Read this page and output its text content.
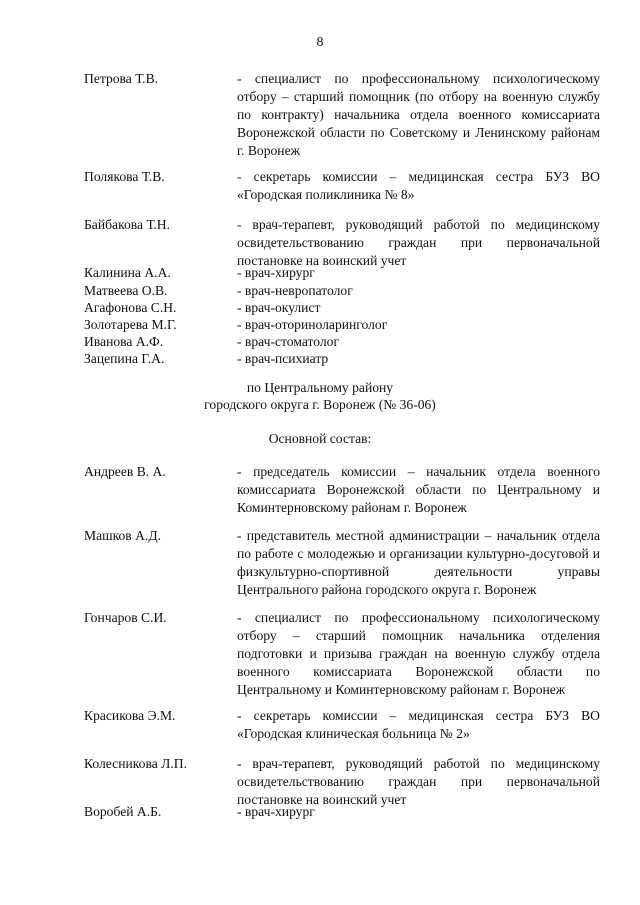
8
Петрова Т.В.	- специалист по профессиональному психологическому отбору – старший помощник (по отбору на военную службу по контракту) начальника отдела военного комиссариата Воронежской области по Советскому и Ленинскому районам г. Воронеж
Полякова Т.В.	- секретарь комиссии – медицинская сестра БУЗ ВО «Городская поликлиника № 8»
Байбакова Т.Н.	- врач-терапевт, руководящий работой по медицинскому освидетельствованию граждан при первоначальной постановке на воинский учет
Калинина А.А.	- врач-хирург
Матвеева О.В.	- врач-невропатолог
Агафонова С.Н.	- врач-окулист
Золотарева М.Г.	- врач-оториноларинголог
Иванова А.Ф.	- врач-стоматолог
Зацепина Г.А.	- врач-психиатр
по Центральному району
городского округа г. Воронеж (№ 36-06)
Основной состав:
Андреев В. А.	- председатель комиссии – начальник отдела военного комиссариата Воронежской области по Центральному и Коминтерновскому районам г. Воронеж
Машков А.Д.	- представитель местной администрации – начальник отдела по работе с молодежью и организации культурно-досуговой и физкультурно-спортивной деятельности управы Центрального района городского округа г. Воронеж
Гончаров С.И.	- специалист по профессиональному психологическому отбору – старший помощник начальника отделения подготовки и призыва граждан на военную службу отдела военного комиссариата Воронежской области по Центральному и Коминтерновскому районам г. Воронеж
Красикова Э.М.	- секретарь комиссии – медицинская сестра БУЗ ВО «Городская клиническая больница № 2»
Колесникова Л.П.	- врач-терапевт, руководящий работой по медицинскому освидетельствованию граждан при первоначальной постановке на воинский учет
Воробей А.Б.	- врач-хирург
